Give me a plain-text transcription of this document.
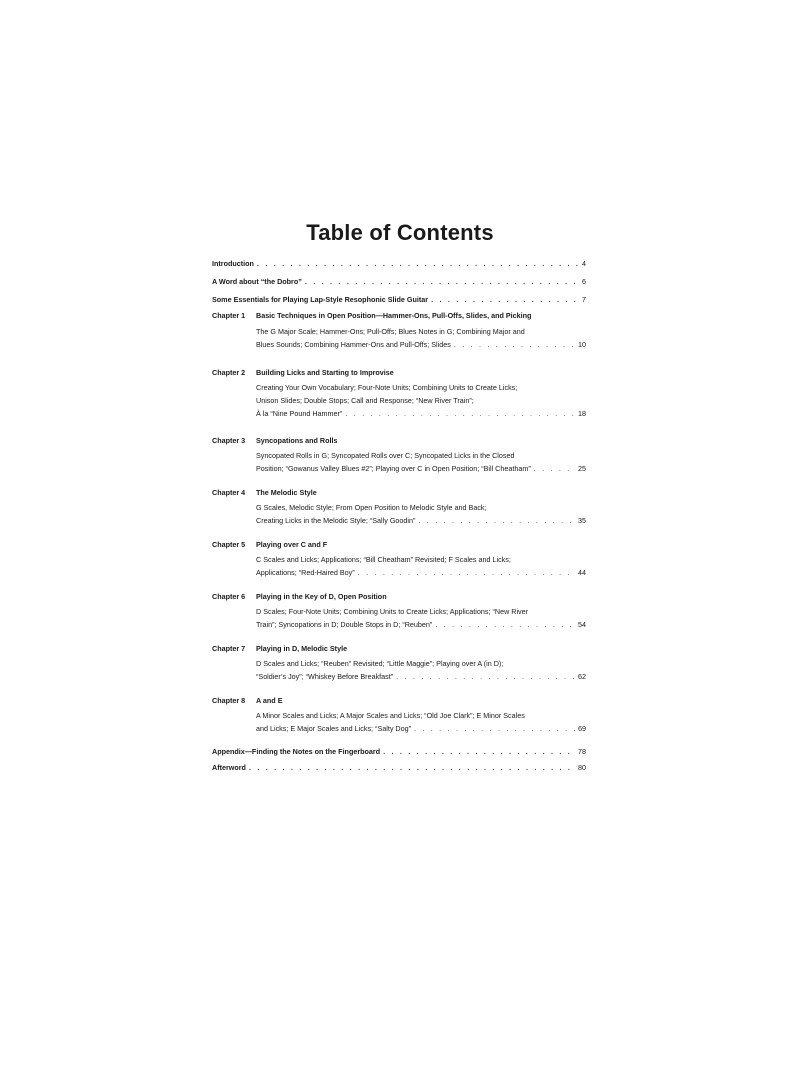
Table of Contents
Introduction . . .	4
A Word about “the Dobro” . . .	6
Some Essentials for Playing Lap-Style Resophonic Slide Guitar . . .	7
Chapter 1 Basic Techniques in Open Position—Hammer-Ons, Pull-Offs, Slides, and Picking
The G Major Scale; Hammer-Ons; Pull-Offs; Blues Notes in G; Combining Major and
Blues Sounds; Combining Hammer-Ons and Pull-Offs; Slides . . .	10
Chapter 2 Building Licks and Starting to Improvise
Creating Your Own Vocabulary; Four-Note Units; Combining Units to Create Licks;
Unison Slides; Double Stops; Call and Response; “New River Train”;
À la “Nine Pound Hammer” . . .	18
Chapter 3 Syncopations and Rolls
Syncopated Rolls in G; Syncopated Rolls over C; Syncopated Licks in the Closed
Position; “Gowanus Valley Blues #2”; Playing over C in Open Position; “Bill Cheatham” . . .	25
Chapter 4 The Melodic Style
G Scales, Melodic Style; From Open Position to Melodic Style and Back;
Creating Licks in the Melodic Style; “Sally Goodin” . . .	35
Chapter 5 Playing over C and F
C Scales and Licks; Applications; “Bill Cheatham” Revisited; F Scales and Licks;
Applications; “Red-Haired Boy” . . .	44
Chapter 6 Playing in the Key of D, Open Position
D Scales; Four-Note Units; Combining Units to Create Licks; Applications; “New River
Train”; Syncopations in D; Double Stops in D; “Reuben” . . .	54
Chapter 7 Playing in D, Melodic Style
D Scales and Licks; “Reuben” Revisited; “Little Maggie”; Playing over A (in D);
“Soldier’s Joy”; “Whiskey Before Breakfast” . . .	62
Chapter 8 A and E
A Minor Scales and Licks; A Major Scales and Licks; “Old Joe Clark”; E Minor Scales
and Licks; E Major Scales and Licks; “Salty Dog” . . .	69
Appendix—Finding the Notes on the Fingerboard . . .	78
Afterword . . .	80
